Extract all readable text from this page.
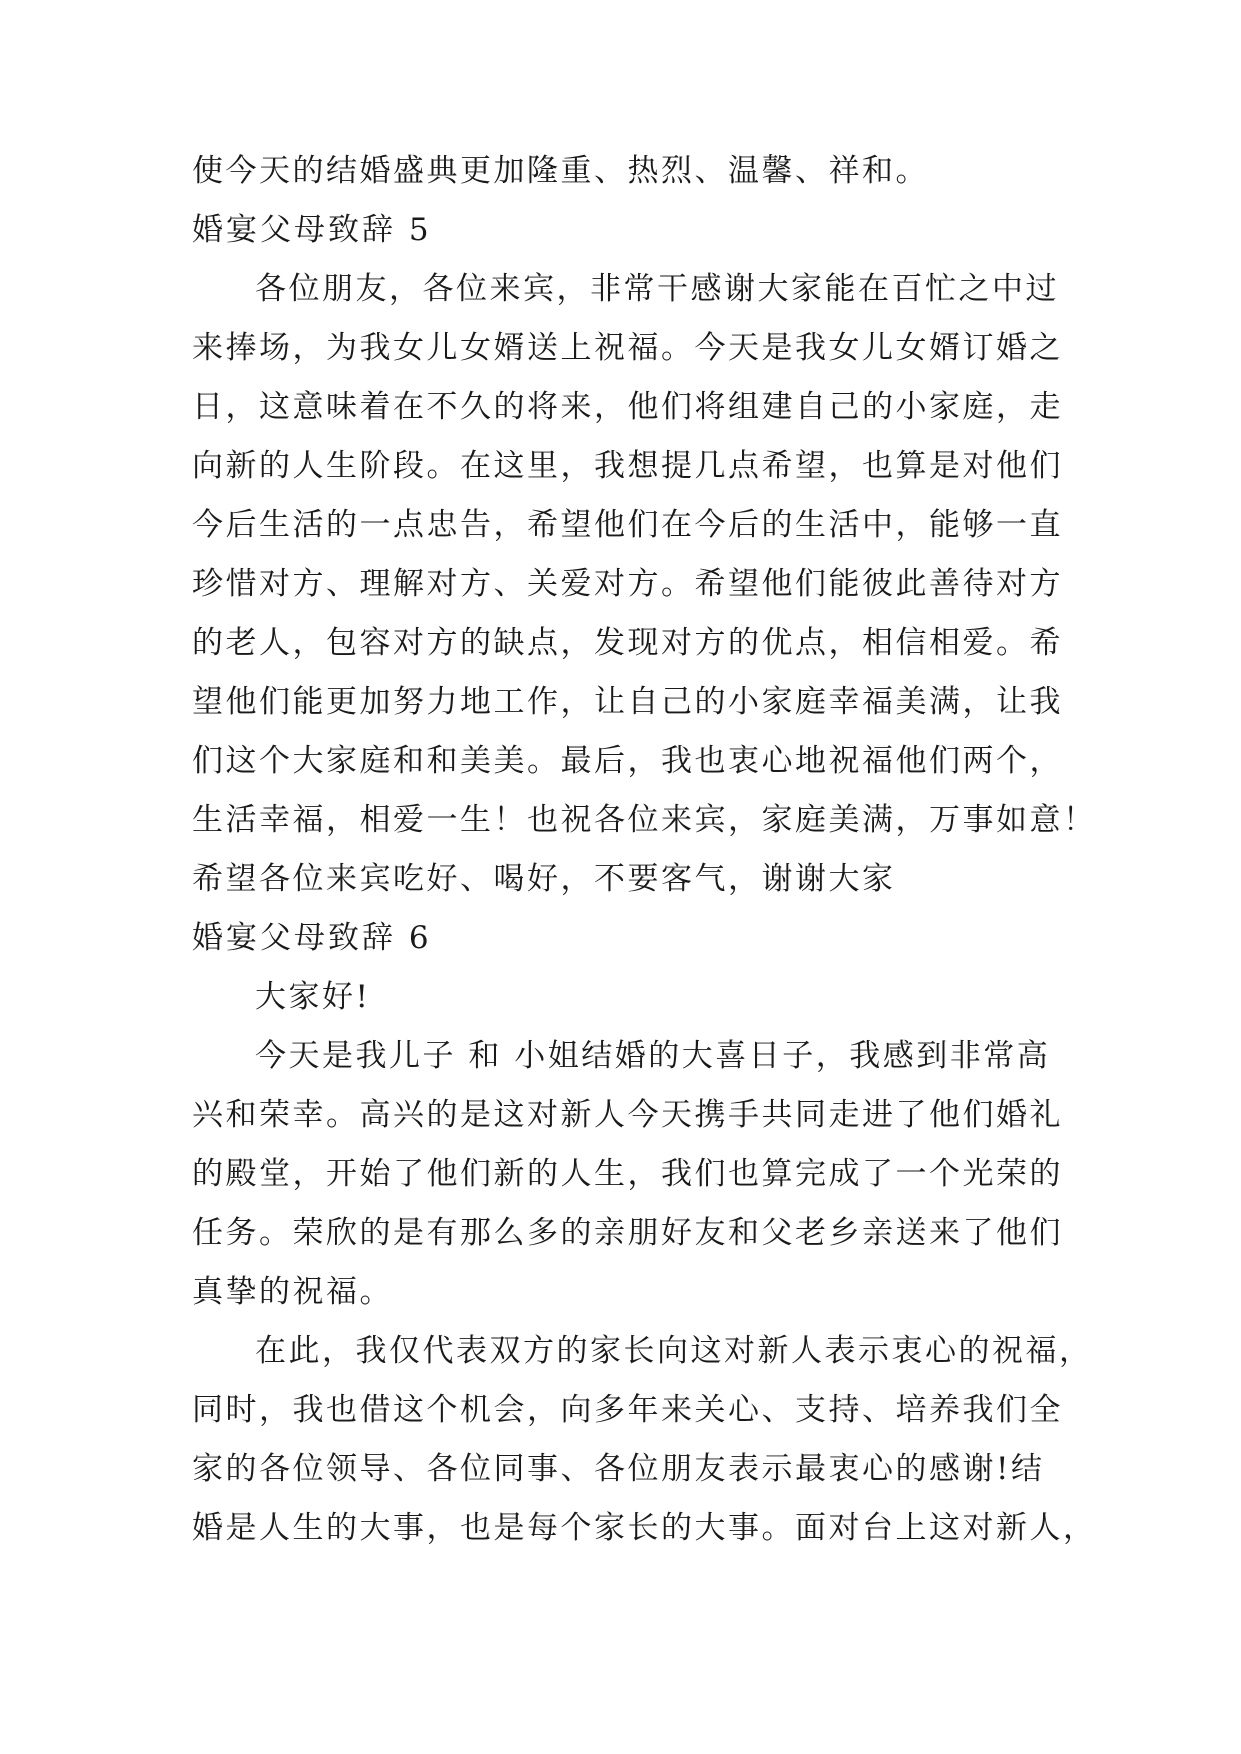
使今天的结婚盛典更加隆重、热烈、温馨、祥和。
婚宴父母致辞 5
各位朋友，各位来宾，非常干感谢大家能在百忙之中过
来捧场，为我女儿女婿送上祝福。今天是我女儿女婿订婚之
日，这意味着在不久的将来，他们将组建自己的小家庭，走
向新的人生阶段。在这里，我想提几点希望，也算是对他们
今后生活的一点忠告，希望他们在今后的生活中，能够一直
珍惜对方、理解对方、关爱对方。希望他们能彼此善待对方
的老人，包容对方的缺点，发现对方的优点，相信相爱。希
望他们能更加努力地工作，让自己的小家庭幸福美满，让我
们这个大家庭和和美美。最后，我也衷心地祝福他们两个，
生活幸福，相爱一生！也祝各位来宾，家庭美满，万事如意！
希望各位来宾吃好、喝好，不要客气，谢谢大家
婚宴父母致辞 6
大家好!
今天是我儿子 和 小姐结婚的大喜日子，我感到非常高
兴和荣幸。高兴的是这对新人今天携手共同走进了他们婚礼
的殿堂，开始了他们新的人生，我们也算完成了一个光荣的
任务。荣欣的是有那么多的亲朋好友和父老乡亲送来了他们
真挚的祝福。
在此，我仅代表双方的家长向这对新人表示衷心的祝福，
同时，我也借这个机会，向多年来关心、支持、培养我们全
家的各位领导、各位同事、各位朋友表示最衷心的感谢!结
婚是人生的大事，也是每个家长的大事。面对台上这对新人，
